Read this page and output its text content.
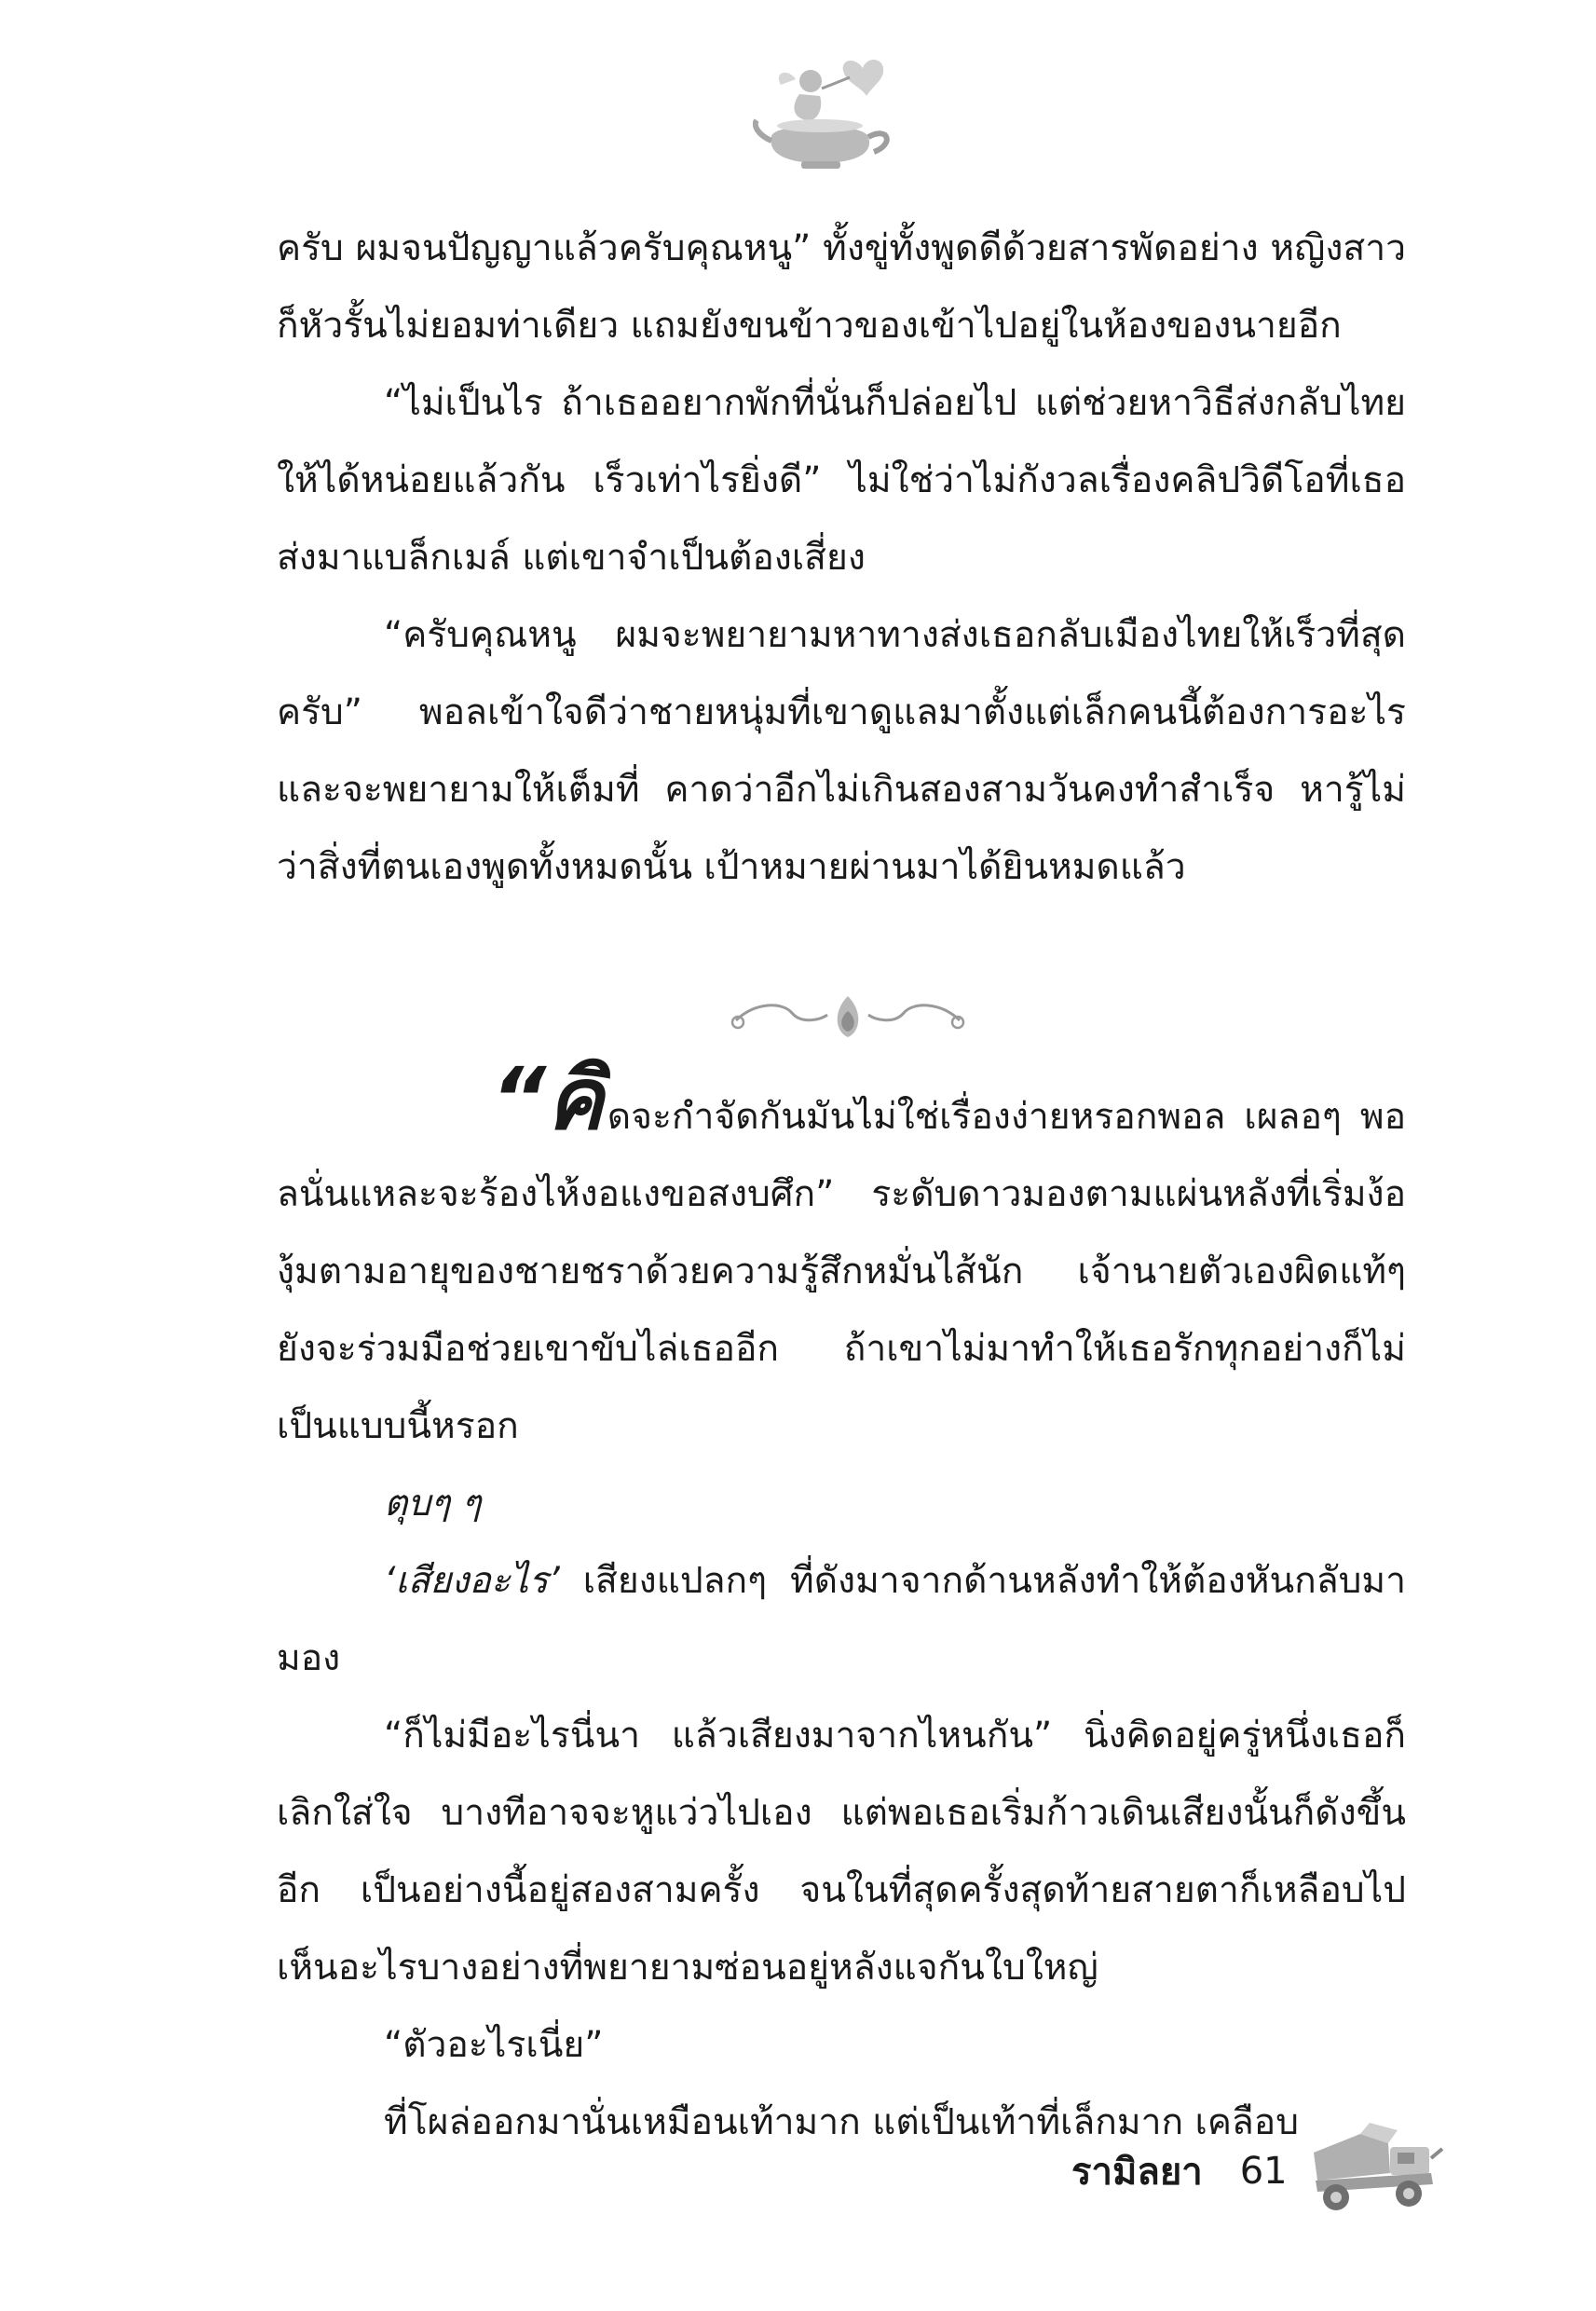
ครับ ผมจนปัญญาแล้วครับคุณหนู” ทั้งขู่ทั้งพูดดีด้วยสารพัดอย่าง หญิงสาวก็หัวรั้นไม่ยอมท่าเดียว แถมยังขนข้าวของเข้าไปอยู่ในห้องของนายอีก

“ไม่เป็นไร ถ้าเธออยากพักที่นั่นก็ปล่อยไป แต่ช่วยหาวิธีส่งกลับไทยให้ได้หน่อยแล้วกัน เร็วเท่าไรยิ่งดี” ไม่ใช่ว่าไม่กังวลเรื่องคลิปวิดีโอที่เธอส่งมาแบล็กเมล์ แต่เขาจำเป็นต้องเสี่ยง

“ครับคุณหนู ผมจะพยายามหาทางส่งเธอกลับเมืองไทยให้เร็วที่สุดครับ” พอลเข้าใจดีว่าชายหนุ่มที่เขาดูแลมาตั้งแต่เล็กคนนี้ต้องการอะไร และจะพยายามให้เต็มที่ คาดว่าอีกไม่เกินสองสามวันคงทำสำเร็จ หารู้ไม่ว่าสิ่งที่ตนเองพูดทั้งหมดนั้น เป้าหมายผ่านมาได้ยินหมดแล้ว

“คิดจะกำจัดกันมันไม่ใช่เรื่องง่ายหรอกพอล เผลอๆ พอลนั่นแหละจะร้องไห้งอแงขอสงบศึก” ระดับดาวมองตามแผ่นหลังที่เริ่มง้องุ้มตามอายุของชายชราด้วยความรู้สึกหมั่นไส้นัก เจ้านายตัวเองผิดแท้ๆ ยังจะร่วมมือช่วยเขาขับไล่เธออีก ถ้าเขาไม่มาทำให้เธอรักทุกอย่างก็ไม่เป็นแบบนี้หรอก

ตุบๆ ๆ

‘เสียงอะไร’ เสียงแปลกๆ ที่ดังมาจากด้านหลังทำให้ต้องหันกลับมามอง

“ก็ไม่มีอะไรนี่นา แล้วเสียงมาจากไหนกัน” นิ่งคิดอยู่ครู่หนึ่งเธอก็เลิกใส่ใจ บางทีอาจจะหูแว่วไปเอง แต่พอเธอเริ่มก้าวเดินเสียงนั้นก็ดังขึ้นอีก เป็นอย่างนี้อยู่สองสามครั้ง จนในที่สุดครั้งสุดท้ายสายตาก็เหลือบไปเห็นอะไรบางอย่างที่พยายามซ่อนอยู่หลังแจกันใบใหญ่

“ตัวอะไรเนี่ย”

ที่โผล่ออกมานั่นเหมือนเท้ามาก แต่เป็นเท้าที่เล็กมาก เคลือบ

รามิลยา 61
